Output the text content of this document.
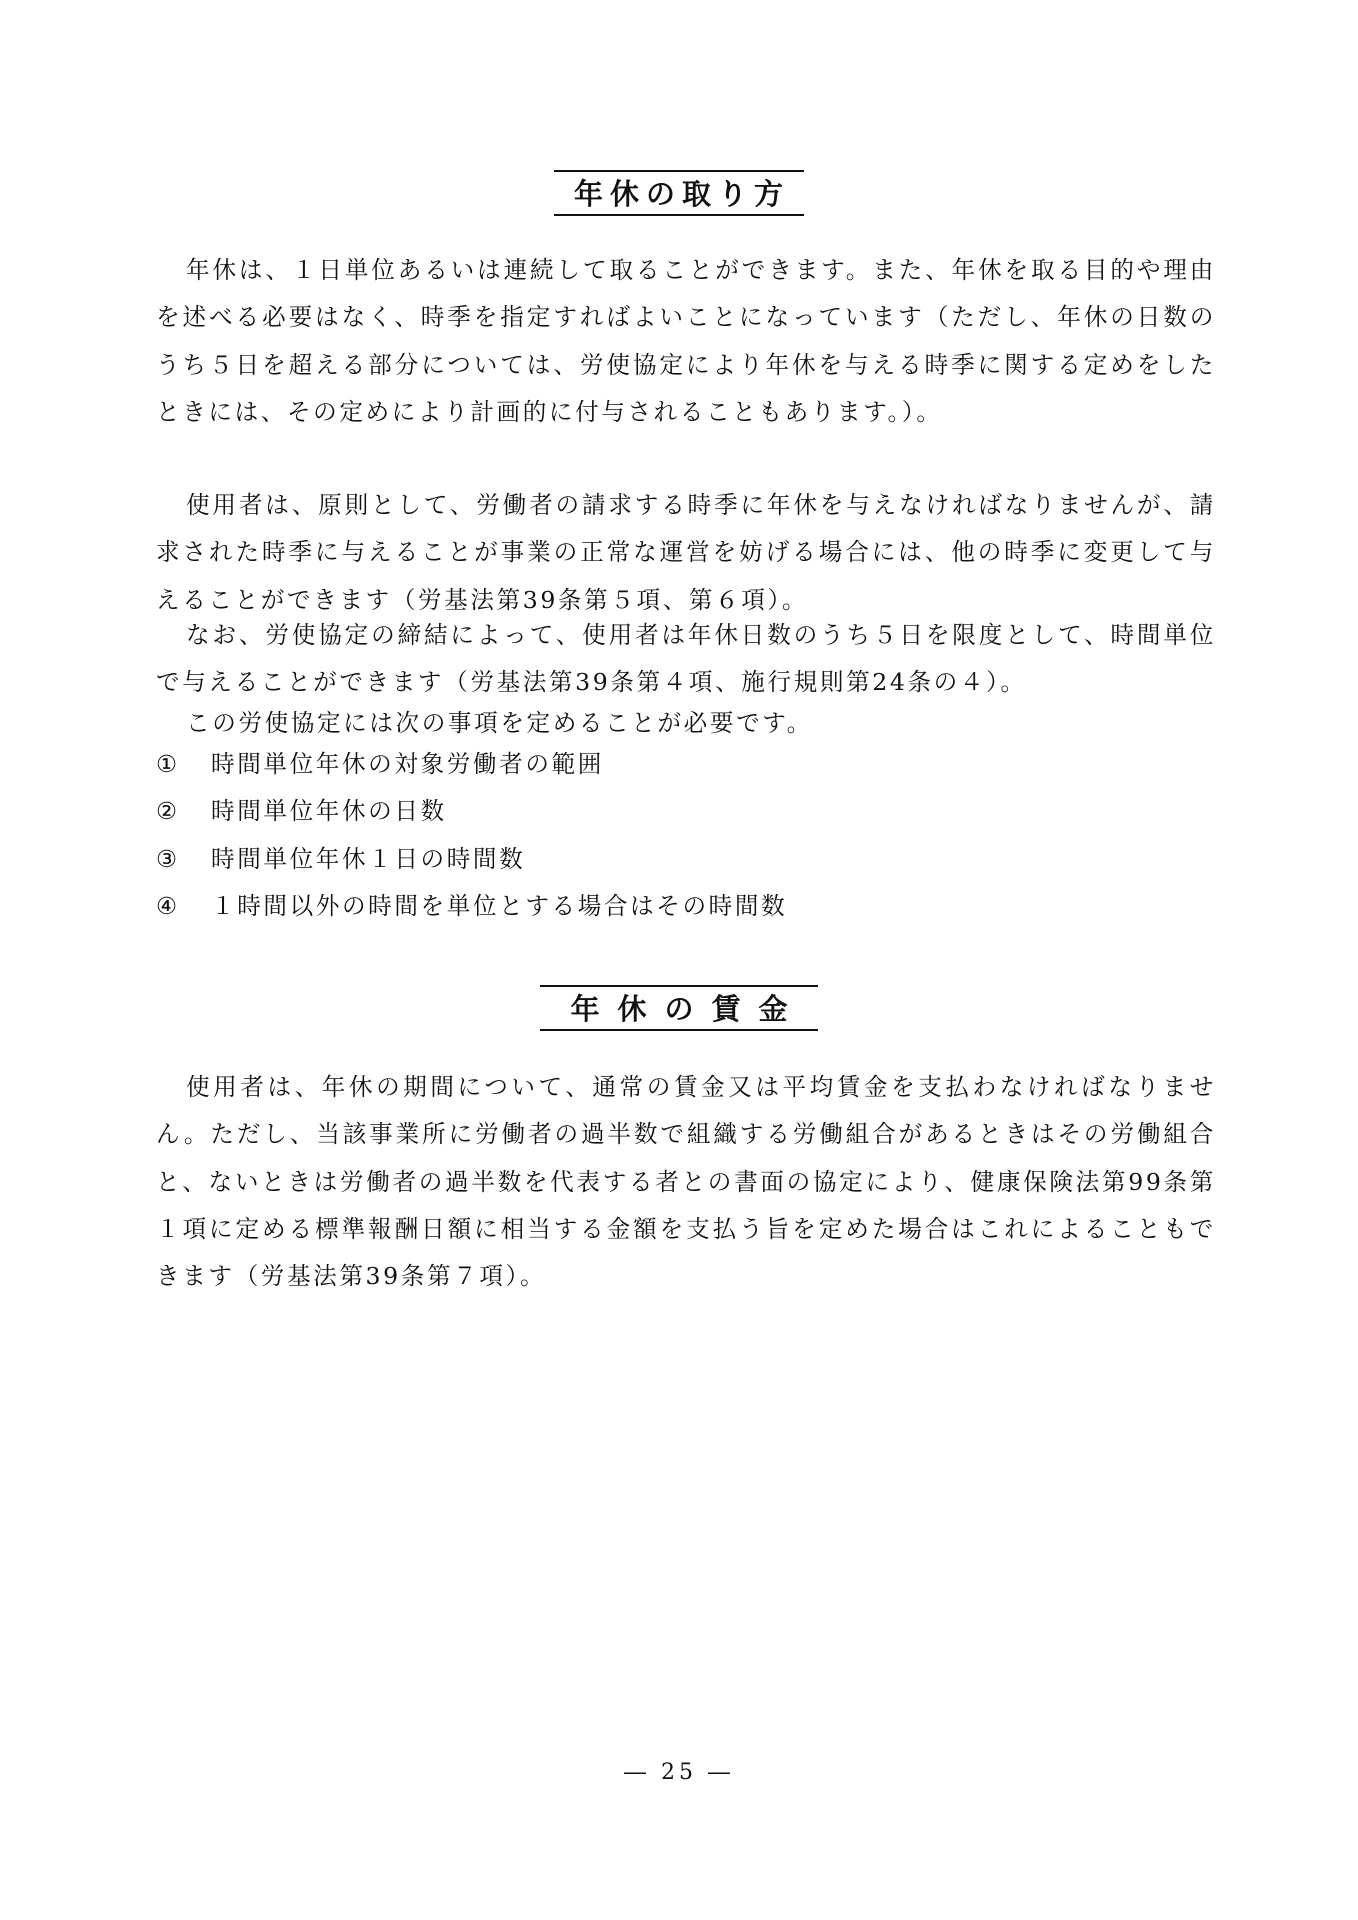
年休の取り方

年休は、１日単位あるいは連続して取ることができます。また、年休を取る目的や理由を述べる必要はなく、時季を指定すればよいことになっています（ただし、年休の日数のうち５日を超える部分については、労使協定により年休を与える時季に関する定めをしたときには、その定めにより計画的に付与されることもあります。）。

使用者は、原則として、労働者の請求する時季に年休を与えなければなりませんが、請求された時季に与えることが事業の正常な運営を妨げる場合には、他の時季に変更して与えることができます（労基法第39条第５項、第６項）。

なお、労使協定の締結によって、使用者は年休日数のうち５日を限度として、時間単位で与えることができます（労基法第39条第４項、施行規則第24条の４）。

この労使協定には次の事項を定めることが必要です。

①	時間単位年休の対象労働者の範囲
②	時間単位年休の日数
③	時間単位年休１日の時間数
④	１時間以外の時間を単位とする場合はその時間数
年休の賃金

使用者は、年休の期間について、通常の賃金又は平均賃金を支払わなければなりません。ただし、当該事業所に労働者の過半数で組織する労働組合があるときはその労働組合と、ないときは労働者の過半数を代表する者との書面の協定により、健康保険法第99条第１項に定める標準報酬日額に相当する金額を支払う旨を定めた場合はこれによることもできます（労基法第39条第７項）。

― 25 ―
